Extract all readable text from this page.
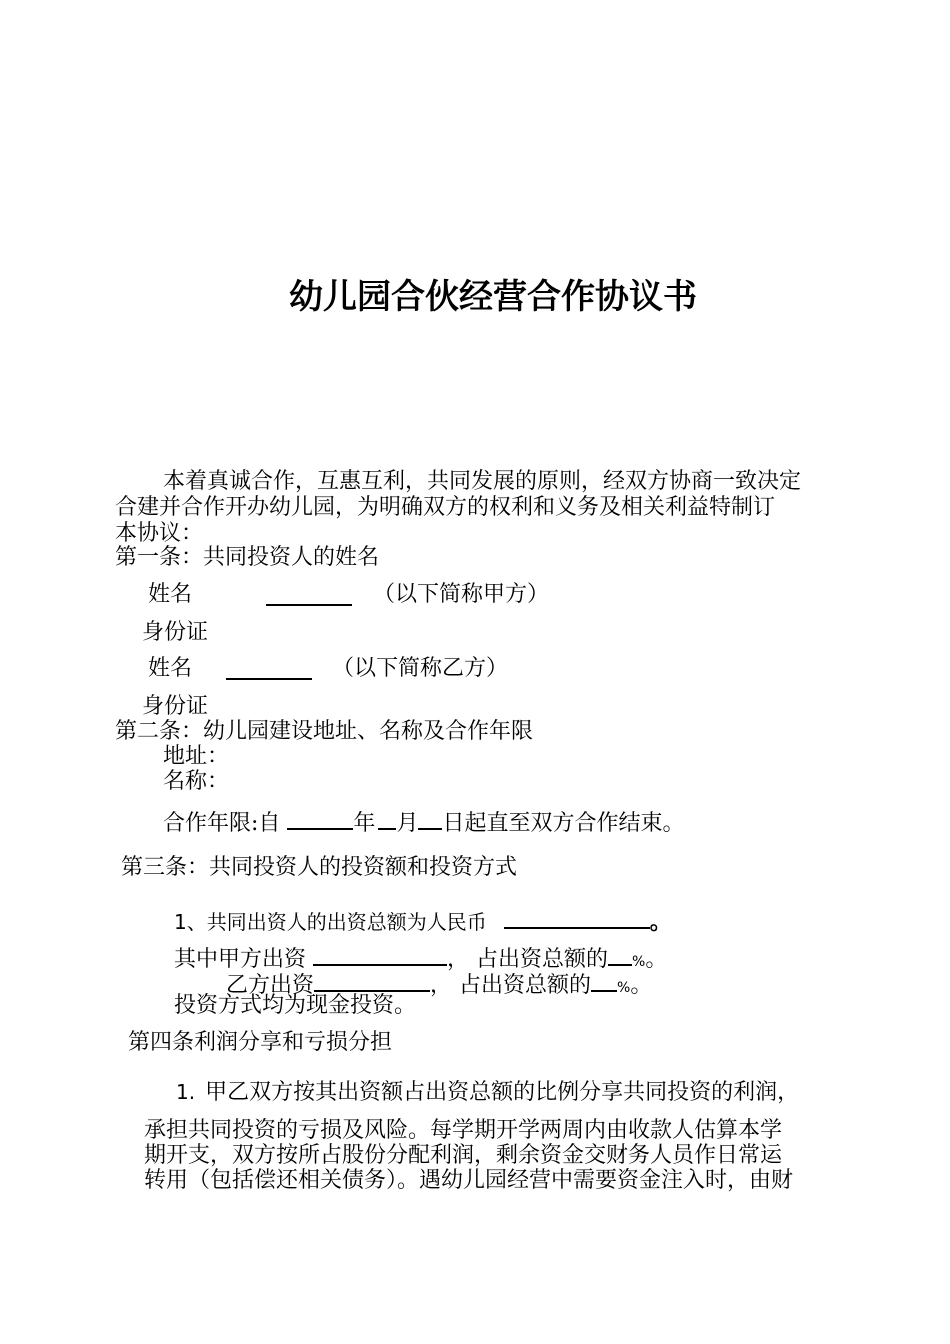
幼儿园合伙经营合作协议书
本着真诚合作，互惠互利，共同发展的原则，经双方协商一致决定
合建并合作开办幼儿园，为明确双方的权利和义务及相关利益特制订
本协议：
第一条：共同投资人的姓名
姓名	（以下简称甲方）
身份证
姓名	（以下简称乙方）
身份证
第二条：幼儿园建设地址、名称及合作年限
地址：
名称：
合作年限:自	年 月 日起直至双方合作结束。
第三条：共同投资人的投资额和投资方式
1、共同出资人的出资总额为人民币	。
其中甲方出资	， 占出资总额的 %。
乙方出资	， 占出资总额的 %。
投资方式均为现金投资。
第四条利润分享和亏损分担
1. 甲乙双方按其出资额占出资总额的比例分享共同投资的利润，
承担共同投资的亏损及风险。每学期开学两周内由收款人估算本学
期开支，双方按所占股份分配利润，剩余资金交财务人员作日常运
转用（包括偿还相关债务）。遇幼儿园经营中需要资金注入时，由财
